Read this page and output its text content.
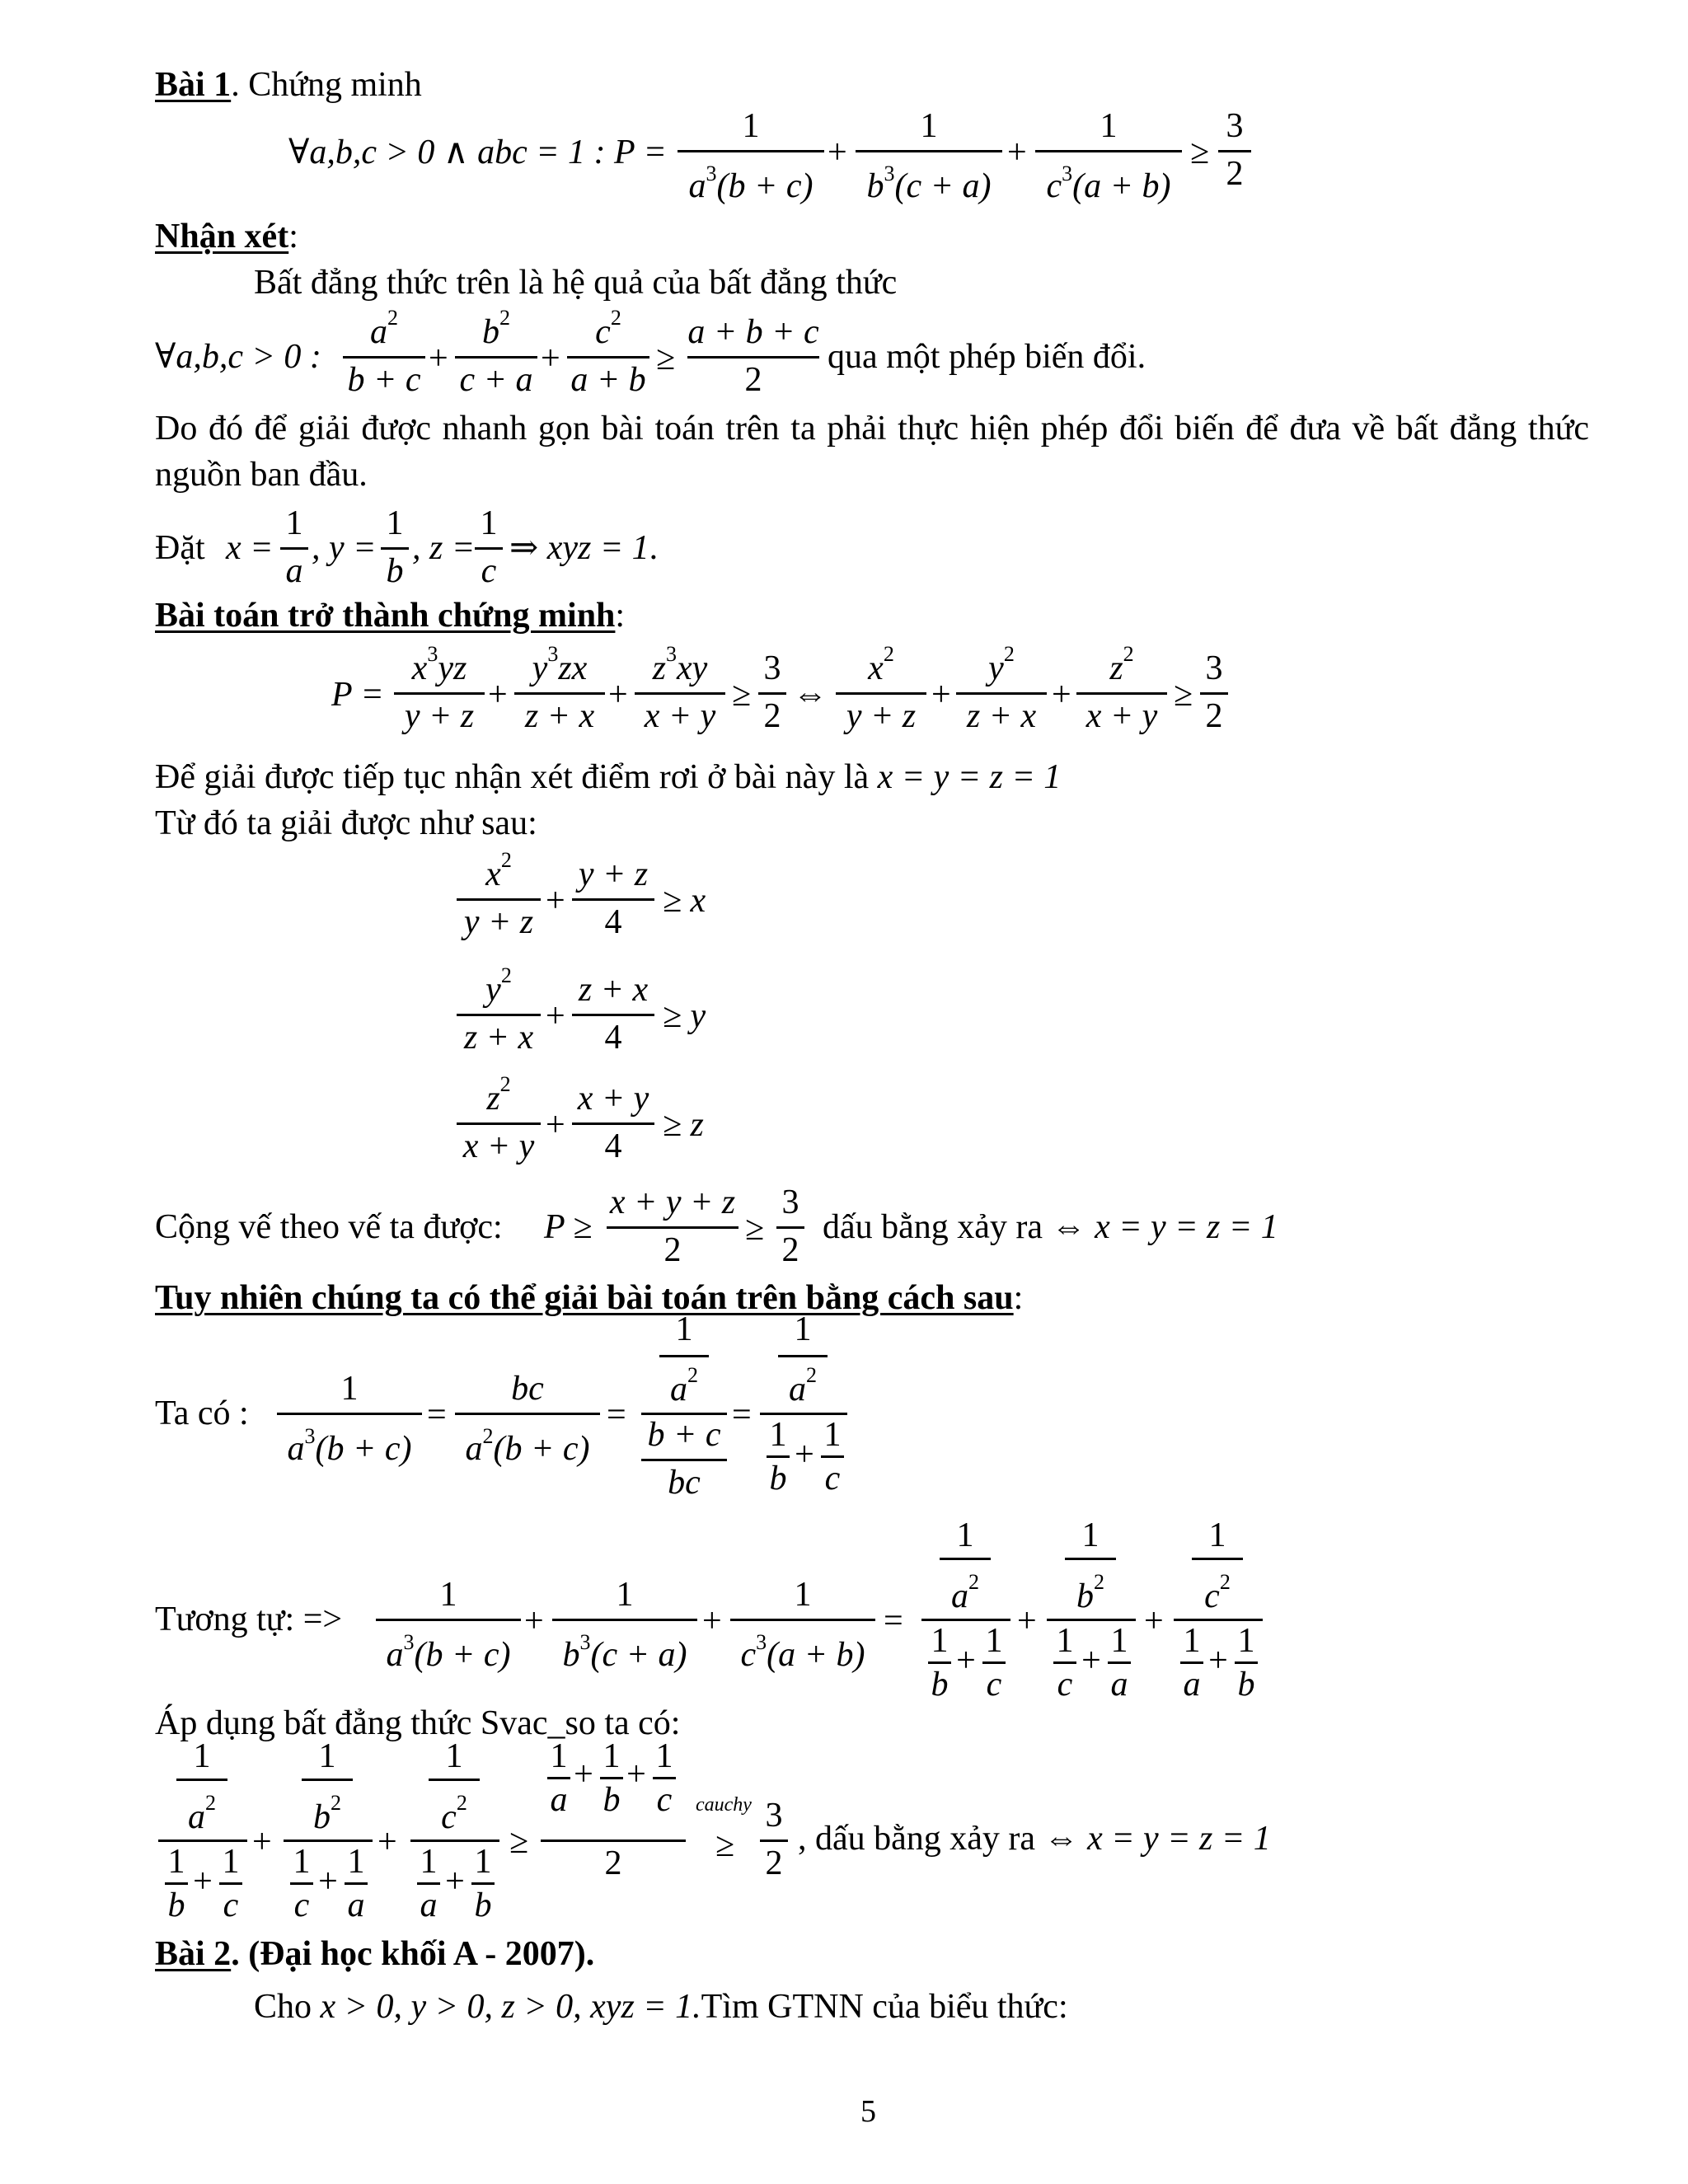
Bài 1. Chứng minh
∀a,b,c > 0 ∧ abc = 1 : P =
1
$a^3(b + c)$
+
1
$b^3(c + a)$
+
1
$c^3(a + b)$
≥
3
2
Nhận xét:
Bất đẳng thức trên là hệ quả của bất đẳng thức
∀a,b,c > 0 :
$a^2$
b + c
+
$b^2$
c + a
+
$c^2$
a + b
≥
a + b + c
2
qua một phép biến đổi.
Do đó để giải được nhanh gọn bài toán trên ta phải thực hiện phép đổi biến để đưa về bất đẳng thức nguồn ban đầu.
Đặt x =
1
a
, y =
1
b
, z =
1
c
⇒ xyz = 1.
Bài toán trở thành chứng minh:
P =
$x^3yz$
y + z
+
$y^3zx$
z + x
+
$z^3xy$
x + y
≥
3
2
⇔
$x^2$
y + z
+
$y^2$
z + x
+
$z^2$
x + y
≥
3
2
Để giải được tiếp tục nhận xét điểm rơi ở bài này là x = y = z = 1
Từ đó ta giải được như sau:
$x^2$
y + z
+
y + z
4
≥ x
$y^2$
z + x
+
z + x
4
≥ y
$z^2$
x + y
+
x + y
4
≥ z
Cộng vế theo vế ta được: P ≥
x + y + z
2
≥
3
2
dấu bằng xảy ra ⇔ x = y = z = 1
Tuy nhiên chúng ta có thể giải bài toán trên bằng cách sau:
Ta có :
1
$a^3(b + c)$
=
bc
$a^2(b + c)$
=
1
$a^2$
b + c
bc
=
1
$a^2$
1
b
+
1
c
Tương tự: =>
1
$a^3(b + c)$
+
1
$b^3(c + a)$
+
1
$c^3(a + b)$
=
1
$a^2$
1
b
+
1
c
+
1
$b^2$
1
c
+
1
a
+
1
$c^2$
1
a
+
1
b
Áp dụng bất đẳng thức Svac_so ta có:
1
$a^2$
1
b
+
1
c
+
1
$b^2$
1
c
+
1
a
+
1
$c^2$
1
a
+
1
b
≥
1
a
+ 1
b
+ 1
c
2
cauchy
≥
3
2
, dấu bằng xảy ra ⇔ x = y = z = 1
Bài 2. (Đại học khối A - 2007).
Cho x > 0, y > 0, z > 0, xyz = 1.Tìm GTNN của biểu thức:
5
